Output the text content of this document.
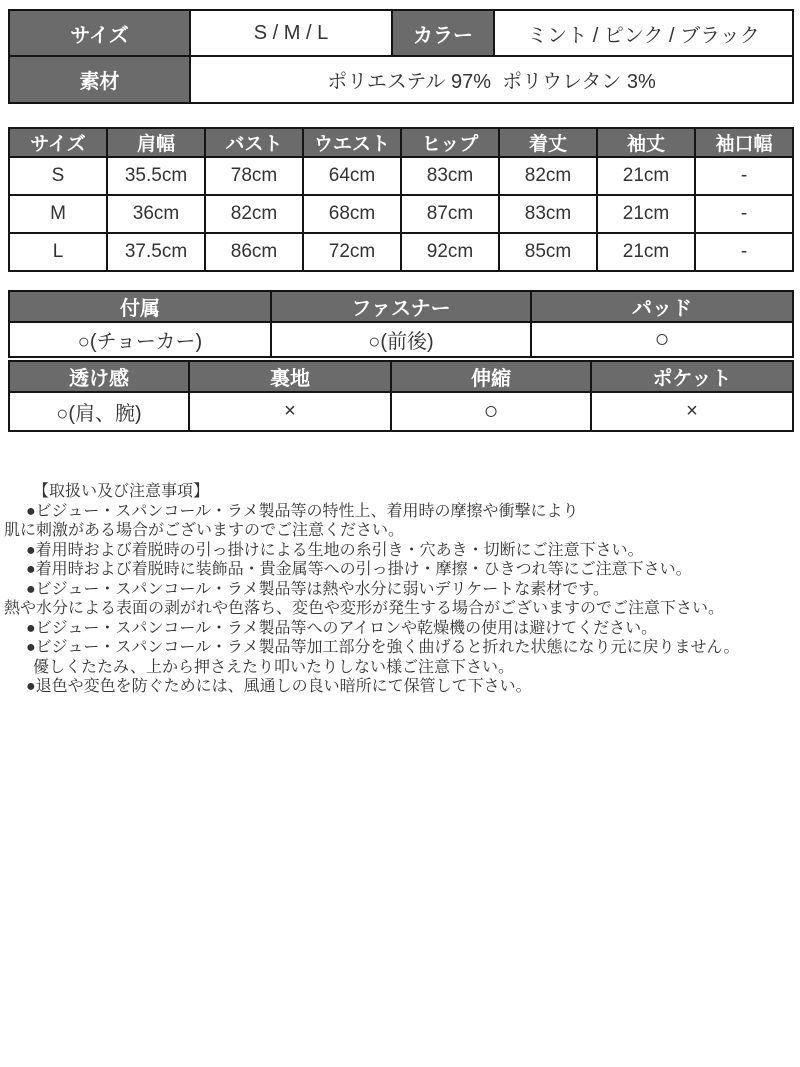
サイズ	S / M / L	カラー	ミント / ピンク / ブラック
素材	ポリエステル 97%  ポリウレタン 3%		
サイズ	肩幅	バスト	ウエスト	ヒップ	着丈	袖丈	袖口幅
S	35.5cm	78cm	64cm	83cm	82cm	21cm	-
M	36cm	82cm	68cm	87cm	83cm	21cm	-
L	37.5cm	86cm	72cm	92cm	85cm	21cm	-
付属	ファスナー	パッド
○(チョーカー)	○(前後)	○
透け感	裏地	伸縮	ポケット
○(肩、腕)	×	○	×
【取扱い及び注意事項】
●ビジュー・スパンコール・ラメ製品等の特性上、着用時の摩擦や衝撃により
肌に刺激がある場合がございますのでご注意ください。
●着用時および着脱時の引っ掛けによる生地の糸引き・穴あき・切断にご注意下さい。
●着用時および着脱時に装飾品・貴金属等への引っ掛け・摩擦・ひきつれ等にご注意下さい。
●ビジュー・スパンコール・ラメ製品等は熱や水分に弱いデリケートな素材です。
熱や水分による表面の剥がれや色落ち、変色や変形が発生する場合がございますのでご注意下さい。
●ビジュー・スパンコール・ラメ製品等へのアイロンや乾燥機の使用は避けてください。
●ビジュー・スパンコール・ラメ製品等加工部分を強く曲げると折れた状態になり元に戻りません。
優しくたたみ、上から押さえたり叩いたりしない様ご注意下さい。
●退色や変色を防ぐためには、風通しの良い暗所にて保管して下さい。
